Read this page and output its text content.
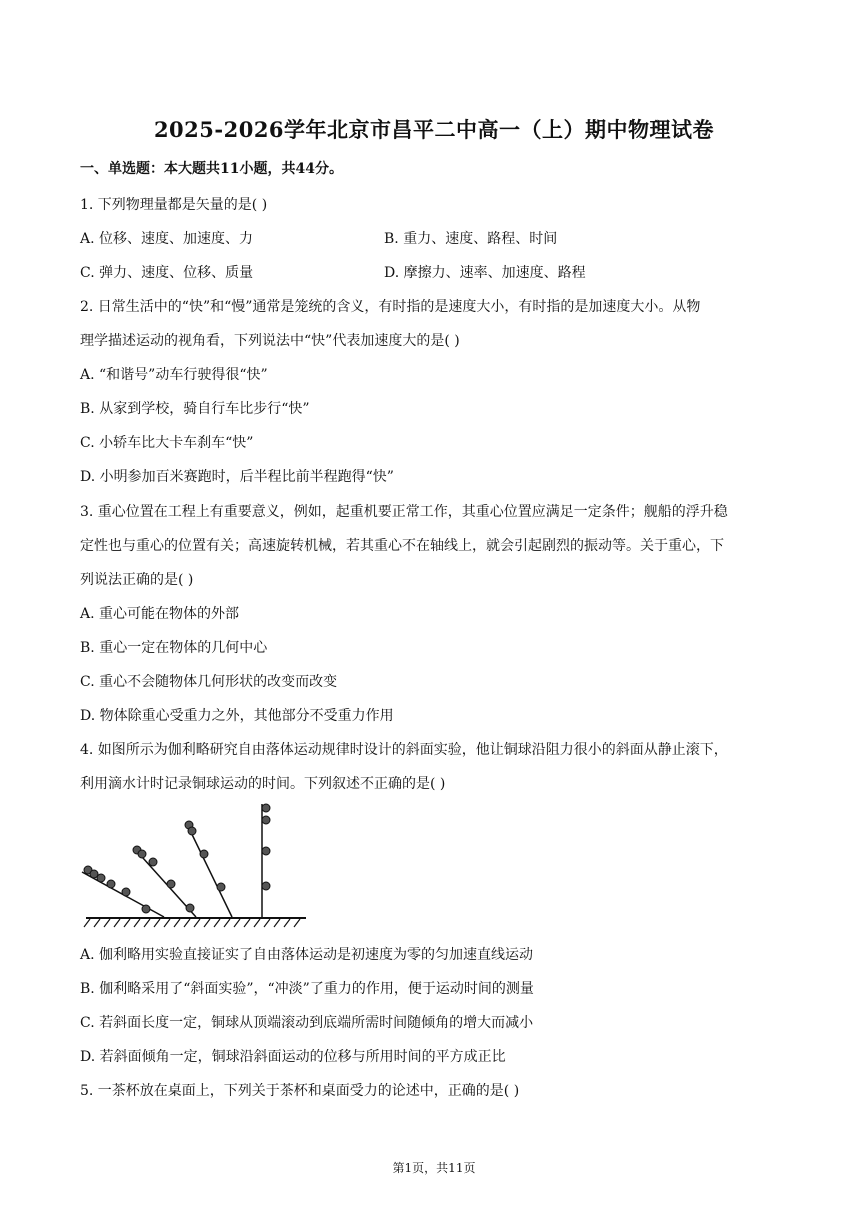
2025-2026学年北京市昌平二中高一（上）期中物理试卷
一、单选题：本大题共11小题，共44分。
1. 下列物理量都是矢量的是( )
A. 位移、速度、加速度、力	B. 重力、速度、路程、时间
C. 弹力、速度、位移、质量	D. 摩擦力、速率、加速度、路程
2. 日常生活中的“快”和“慢”通常是笼统的含义，有时指的是速度大小，有时指的是加速度大小。从物
理学描述运动的视角看，下列说法中“快”代表加速度大的是( )
A. “和谐号”动车行驶得很“快”
B. 从家到学校，骑自行车比步行“快”
C. 小轿车比大卡车刹车“快”
D. 小明参加百米赛跑时，后半程比前半程跑得“快”
3. 重心位置在工程上有重要意义，例如，起重机要正常工作，其重心位置应满足一定条件；舰船的浮升稳
定性也与重心的位置有关；高速旋转机械，若其重心不在轴线上，就会引起剧烈的振动等。关于重心，下
列说法正确的是( )
A. 重心可能在物体的外部
B. 重心一定在物体的几何中心
C. 重心不会随物体几何形状的改变而改变
D. 物体除重心受重力之外，其他部分不受重力作用
4. 如图所示为伽利略研究自由落体运动规律时设计的斜面实验，他让铜球沿阻力很小的斜面从静止滚下，
利用滴水计时记录铜球运动的时间。下列叙述不正确的是( )
A. 伽利略用实验直接证实了自由落体运动是初速度为零的匀加速直线运动
B. 伽利略采用了“斜面实验”，“冲淡”了重力的作用，便于运动时间的测量
C. 若斜面长度一定，铜球从顶端滚动到底端所需时间随倾角的增大而减小
D. 若斜面倾角一定，铜球沿斜面运动的位移与所用时间的平方成正比
5. 一茶杯放在桌面上，下列关于茶杯和桌面受力的论述中，正确的是( )
第1页，共11页
